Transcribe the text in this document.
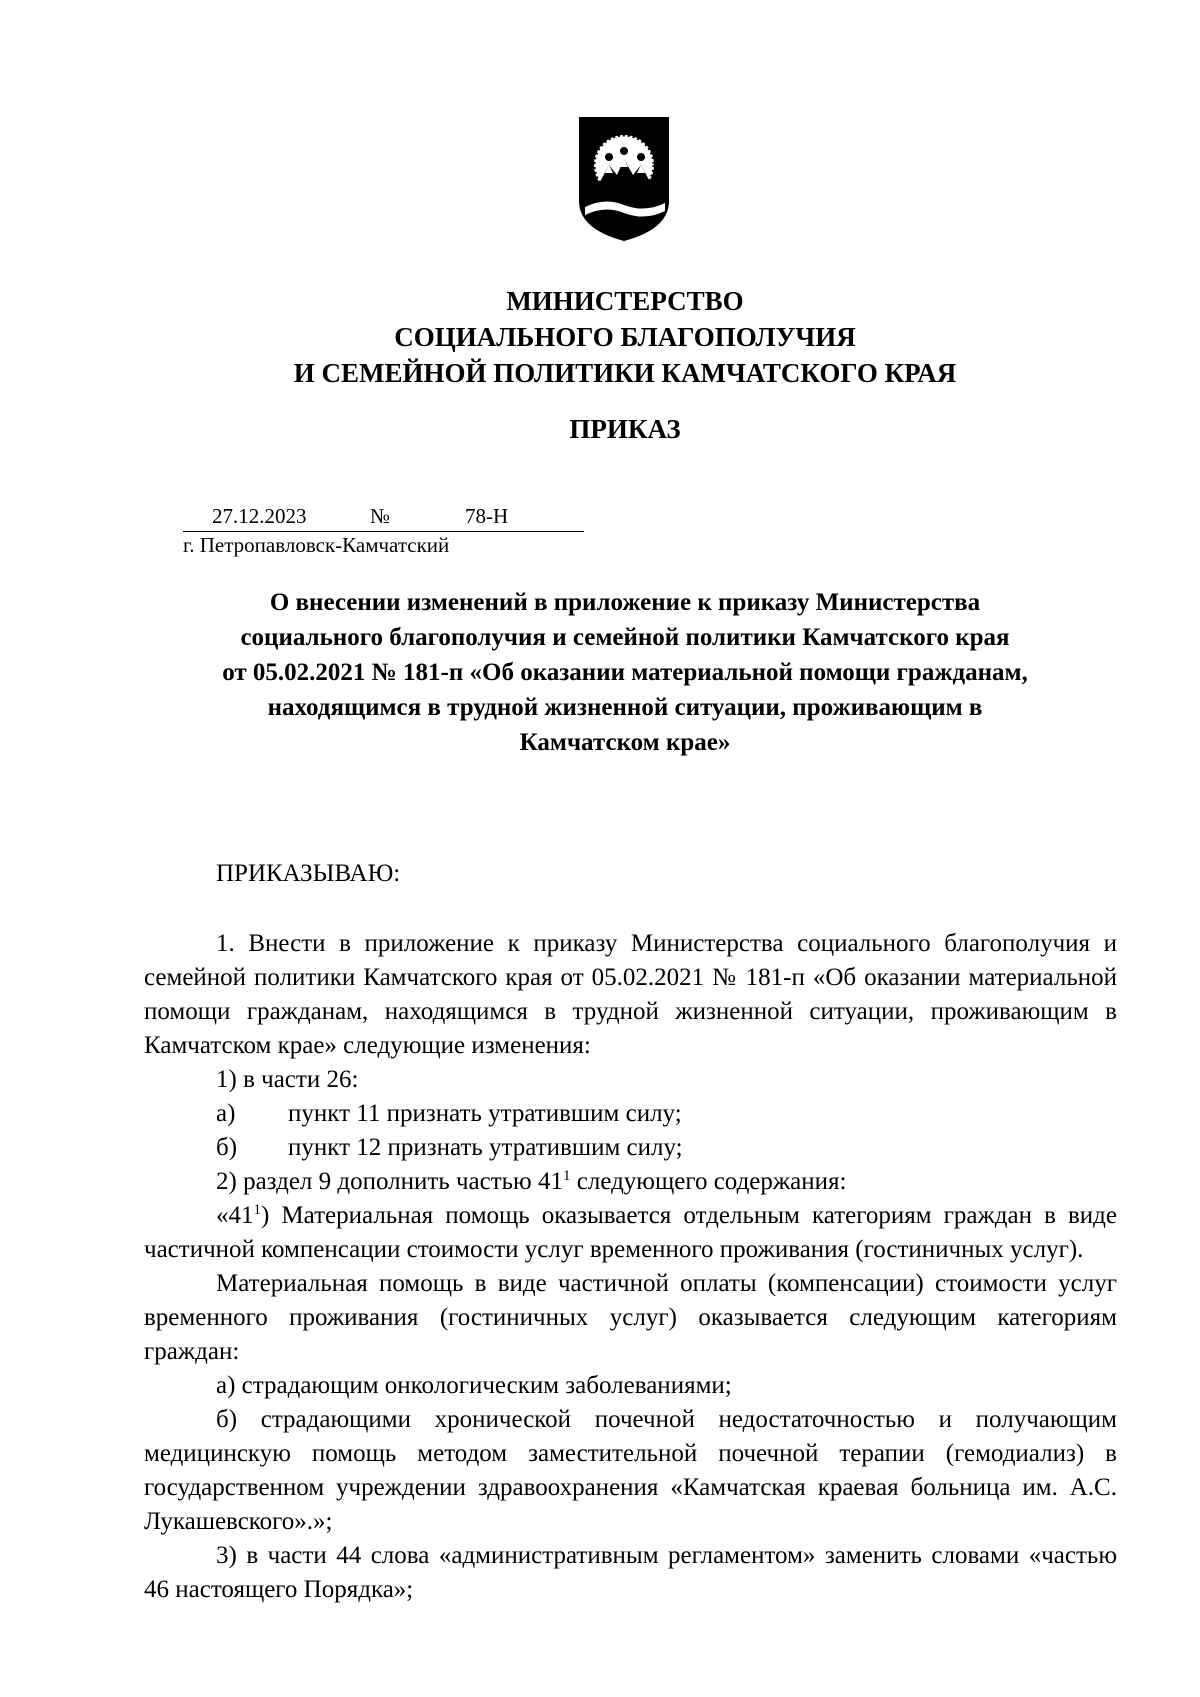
МИНИСТЕРСТВО
СОЦИАЛЬНОГО БЛАГОПОЛУЧИЯ
И СЕМЕЙНОЙ ПОЛИТИКИ КАМЧАТСКОГО КРАЯ
ПРИКАЗ
27.12.2023	№	78-Н
г. Петропавловск-Камчатский
О внесении изменений в приложение к приказу Министерства
социального благополучия и семейной политики Камчатского края
от 05.02.2021 № 181-п «Об оказании материальной помощи гражданам,
находящимся в трудной жизненной ситуации, проживающим в
Камчатском крае»

ПРИКАЗЫВАЮ:

1. Внести в приложение к приказу Министерства социального благополучия и семейной политики Камчатского края от 05.02.2021 № 181-п «Об оказании материальной помощи гражданам, находящимся в трудной жизненной ситуации, проживающим в Камчатском крае» следующие изменения:

1) в части 26:

а) пункт 11 признать утратившим силу;

б) пункт 12 признать утратившим силу;

2) раздел 9 дополнить частью $41^1$ следующего содержания:

«$41^1$) Материальная помощь оказывается отдельным категориям граждан в виде частичной компенсации стоимости услуг временного проживания (гостиничных услуг).

Материальная помощь в виде частичной оплаты (компенсации) стоимости услуг временного проживания (гостиничных услуг) оказывается следующим категориям граждан:

а) страдающим онкологическим заболеваниями;

б) страдающими хронической почечной недостаточностью и получающим медицинскую помощь методом заместительной почечной терапии (гемодиализ) в государственном учреждении здравоохранения «Камчатская краевая больница им. А.С. Лукашевского».»;

3) в части 44 слова «административным регламентом» заменить словами «частью 46 настоящего Порядка»;
